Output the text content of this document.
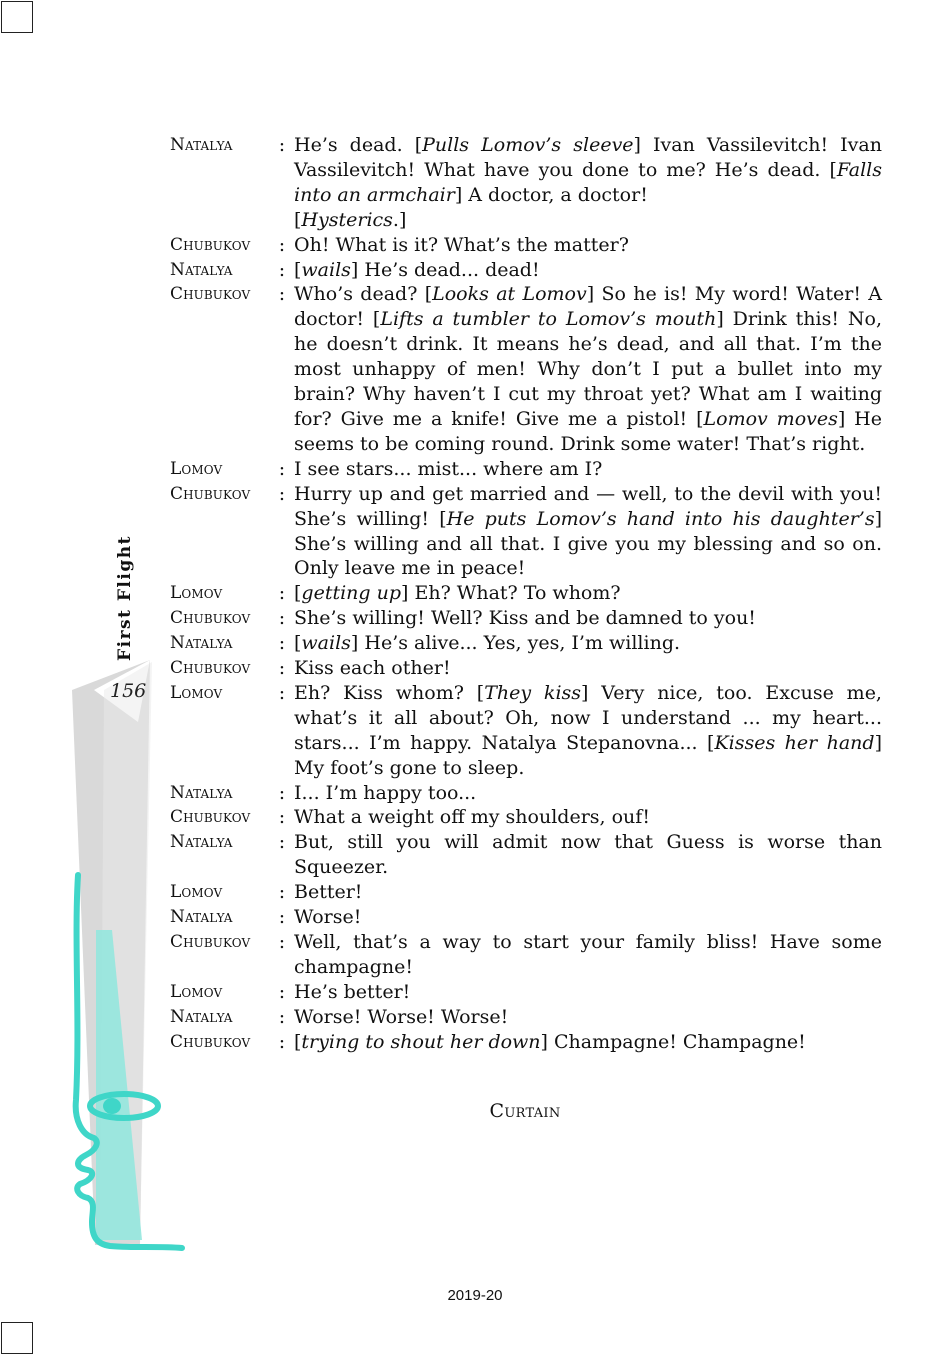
First Flight
156
Natalya	: He’s dead. [Pulls Lomov’s sleeve] Ivan Vassilevitch! Ivan Vassilevitch! What have you done to me? He’s dead. [Falls into an armchair] A doctor, a doctor!
[Hysterics.]
Chubukov	: Oh! What is it? What’s the matter?
Natalya	: [wails] He’s dead... dead!
Chubukov	: Who’s dead? [Looks at Lomov] So he is! My word! Water! A doctor! [Lifts a tumbler to Lomov’s mouth] Drink this! No, he doesn’t drink. It means he’s dead, and all that. I’m the most unhappy of men! Why don’t I put a bullet into my brain? Why haven’t I cut my throat yet? What am I waiting for? Give me a knife! Give me a pistol! [Lomov moves] He seems to be coming round. Drink some water! That’s right.
Lomov	: I see stars... mist... where am I?
Chubukov	: Hurry up and get married and — well, to the devil with you! She’s willing! [He puts Lomov’s hand into his daughter’s] She’s willing and all that. I give you my blessing and so on. Only leave me in peace!
Lomov	: [getting up] Eh? What? To whom?
Chubukov	: She’s willing! Well? Kiss and be damned to you!
Natalya	: [wails] He’s alive... Yes, yes, I’m willing.
Chubukov	: Kiss each other!
Lomov	: Eh? Kiss whom? [They kiss] Very nice, too. Excuse me, what’s it all about? Oh, now I understand ... my heart... stars... I’m happy. Natalya Stepanovna... [Kisses her hand] My foot’s gone to sleep.
Natalya	: I... I’m happy too...
Chubukov	: What a weight off my shoulders, ouf!
Natalya	: But, still you will admit now that Guess is worse than Squeezer.
Lomov	: Better!
Natalya	: Worse!
Chubukov	: Well, that’s a way to start your family bliss! Have some champagne!
Lomov	: He’s better!
Natalya	: Worse! Worse! Worse!
Chubukov	: [trying to shout her down] Champagne! Champagne!
Curtain
2019-20
